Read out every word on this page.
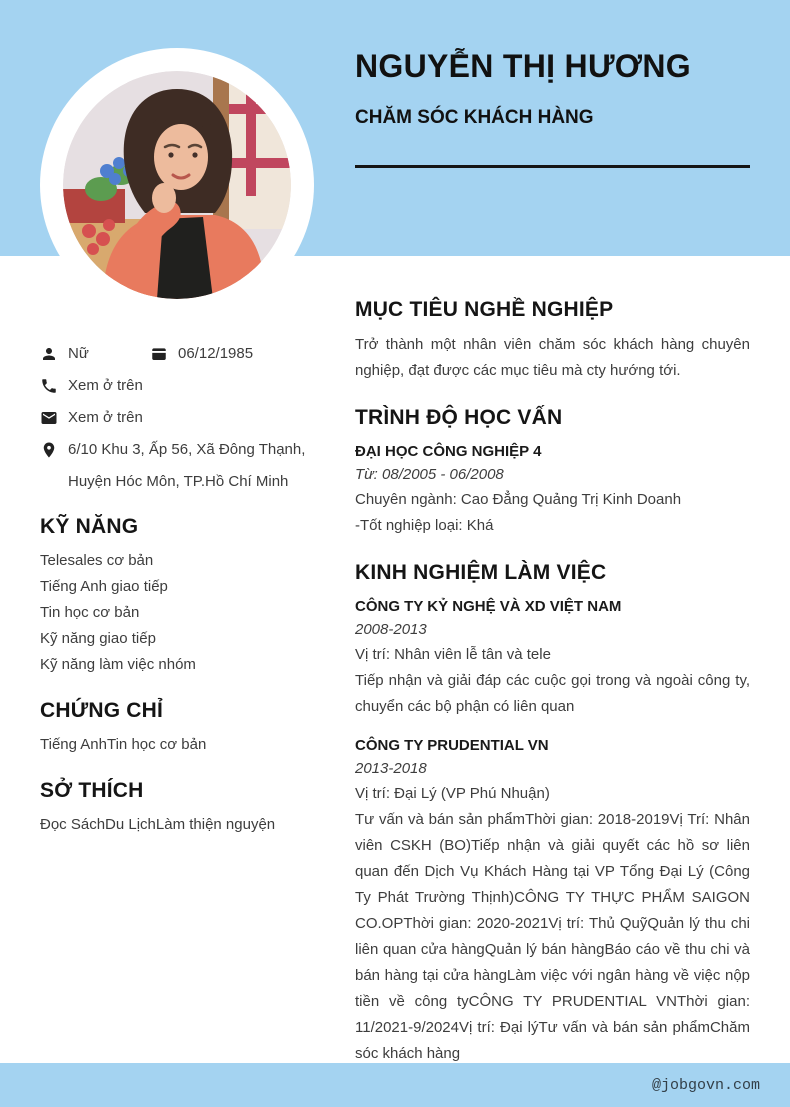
NGUYỄN THỊ HƯƠNG
CHĂM SÓC KHÁCH HÀNG
Nữ	06/12/1985
Xem ở trên
Xem ở trên
6/10 Khu 3, Ấp 56, Xã Đông Thạnh, Huyện Hóc Môn, TP.Hồ Chí Minh
KỸ NĂNG
Telesales cơ bản
Tiếng Anh giao tiếp
Tin học cơ bản
Kỹ năng giao tiếp
Kỹ năng làm việc nhóm
CHỨNG CHỈ
Tiếng AnhTin học cơ bản
SỞ THÍCH
Đọc SáchDu LịchLàm thiện nguyện
MỤC TIÊU NGHỀ NGHIỆP
Trở thành một nhân viên chăm sóc khách hàng chuyên nghiệp, đạt được các mục tiêu mà cty hướng tới.
TRÌNH ĐỘ HỌC VẤN
ĐẠI HỌC CÔNG NGHIỆP 4
Từ: 08/2005 - 06/2008
Chuyên ngành: Cao Đẳng Quảng Trị Kinh Doanh
-Tốt nghiệp loại: Khá
KINH NGHIỆM LÀM VIỆC
CÔNG TY KỶ NGHỆ VÀ XD VIỆT NAM
2008-2013
Vị trí: Nhân viên lễ tân và tele
Tiếp nhận và giải đáp các cuộc gọi trong và ngoài công ty, chuyển các bộ phận có liên quan
CÔNG TY PRUDENTIAL VN
2013-2018
Vị trí: Đại Lý (VP Phú Nhuận)
Tư vấn và bán sản phẩmThời gian: 2018-2019Vị Trí: Nhân viên CSKH (BO)Tiếp nhận và giải quyết các hồ sơ liên quan đến Dịch Vụ Khách Hàng tại VP Tổng Đại Lý (Công Ty Phát Trường Thịnh)CÔNG TY THỰC PHẨM SAIGON CO.OPThời gian: 2020-2021Vị trí: Thủ QuỹQuản lý thu chi liên quan cửa hàngQuản lý bán hàngBáo cáo về thu chi và bán hàng tại cửa hàngLàm việc với ngân hàng về việc nộp tiền về công tyCÔNG TY PRUDENTIAL VNThời gian: 11/2021-9/2024Vị trí: Đại lýTư vấn và bán sản phẩmChăm sóc khách hàng
@jobgovn.com
